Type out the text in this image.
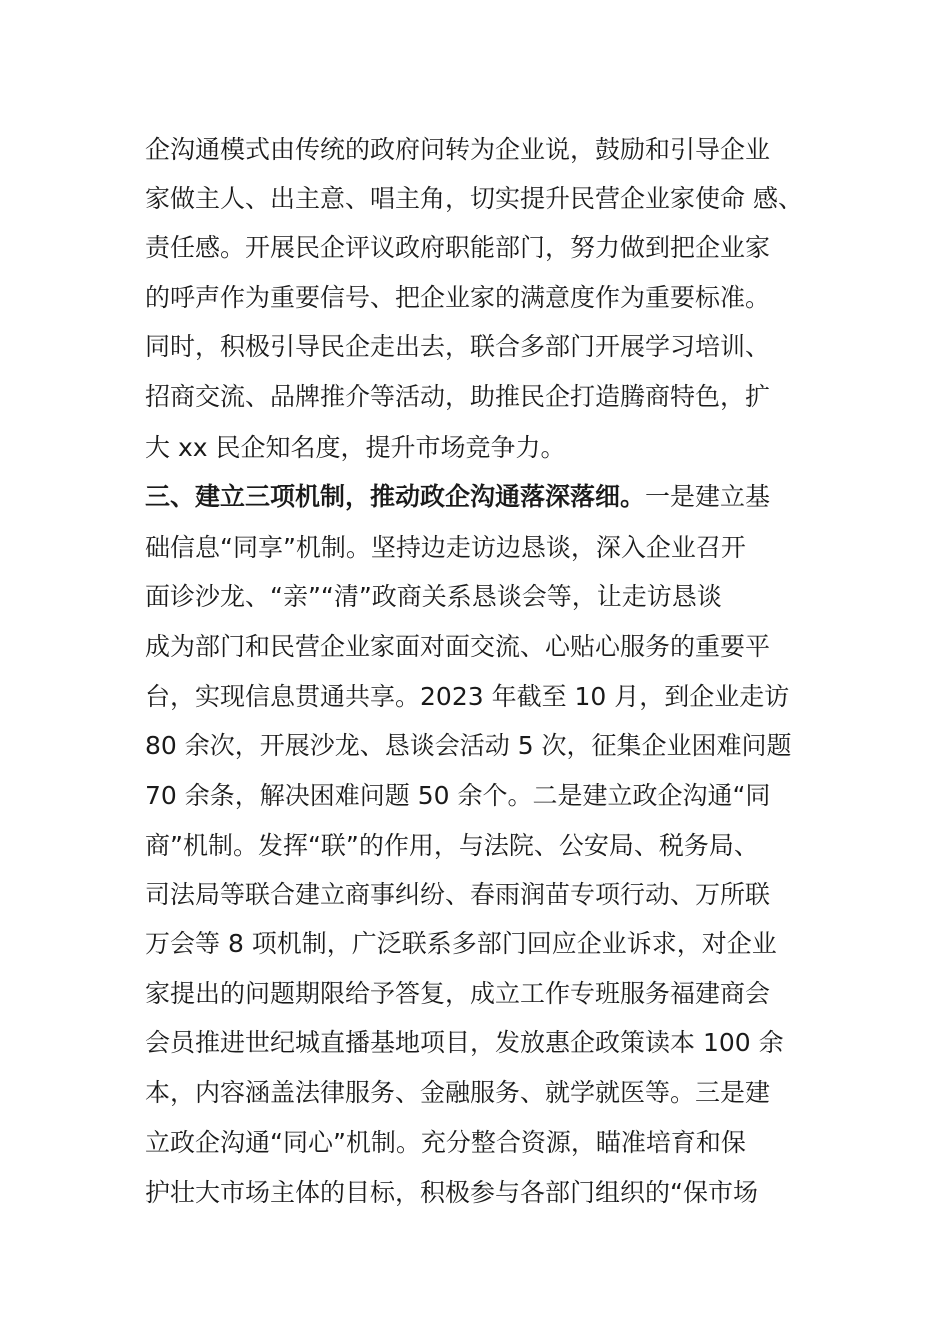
企沟通模式由传统的政府问转为企业说，鼓励和引导企业
家做主人、出主意、唱主角，切实提升民营企业家使命 感、
责任感。开展民企评议政府职能部门，努力做到把企业家
的呼声作为重要信号、把企业家的满意度作为重要标准。
同时，积极引导民企走出去，联合多部门开展学习培训、
招商交流、品牌推介等活动，助推民企打造腾商特色，扩
大 xx 民企知名度，提升市场竞争力。
三、建立三项机制，推动政企沟通落深落细。一是建立基
础信息“同享”机制。坚持边走访边恳谈，深入企业召开
面诊沙龙、“亲”“清”政商关系恳谈会等，让走访恳谈
成为部门和民营企业家面对面交流、心贴心服务的重要平
台，实现信息贯通共享。2023 年截至 10 月，到企业走访
80 余次，开展沙龙、恳谈会活动 5 次，征集企业困难问题
70 余条，解决困难问题 50 余个。二是建立政企沟通“同
商”机制。发挥“联”的作用，与法院、公安局、税务局、
司法局等联合建立商事纠纷、春雨润苗专项行动、万所联
万会等 8 项机制，广泛联系多部门回应企业诉求，对企业
家提出的问题期限给予答复，成立工作专班服务福建商会
会员推进世纪城直播基地项目，发放惠企政策读本 100 余
本，内容涵盖法律服务、金融服务、就学就医等。三是建
立政企沟通“同心”机制。充分整合资源，瞄准培育和保
护壮大市场主体的目标，积极参与各部门组织的“保市场
